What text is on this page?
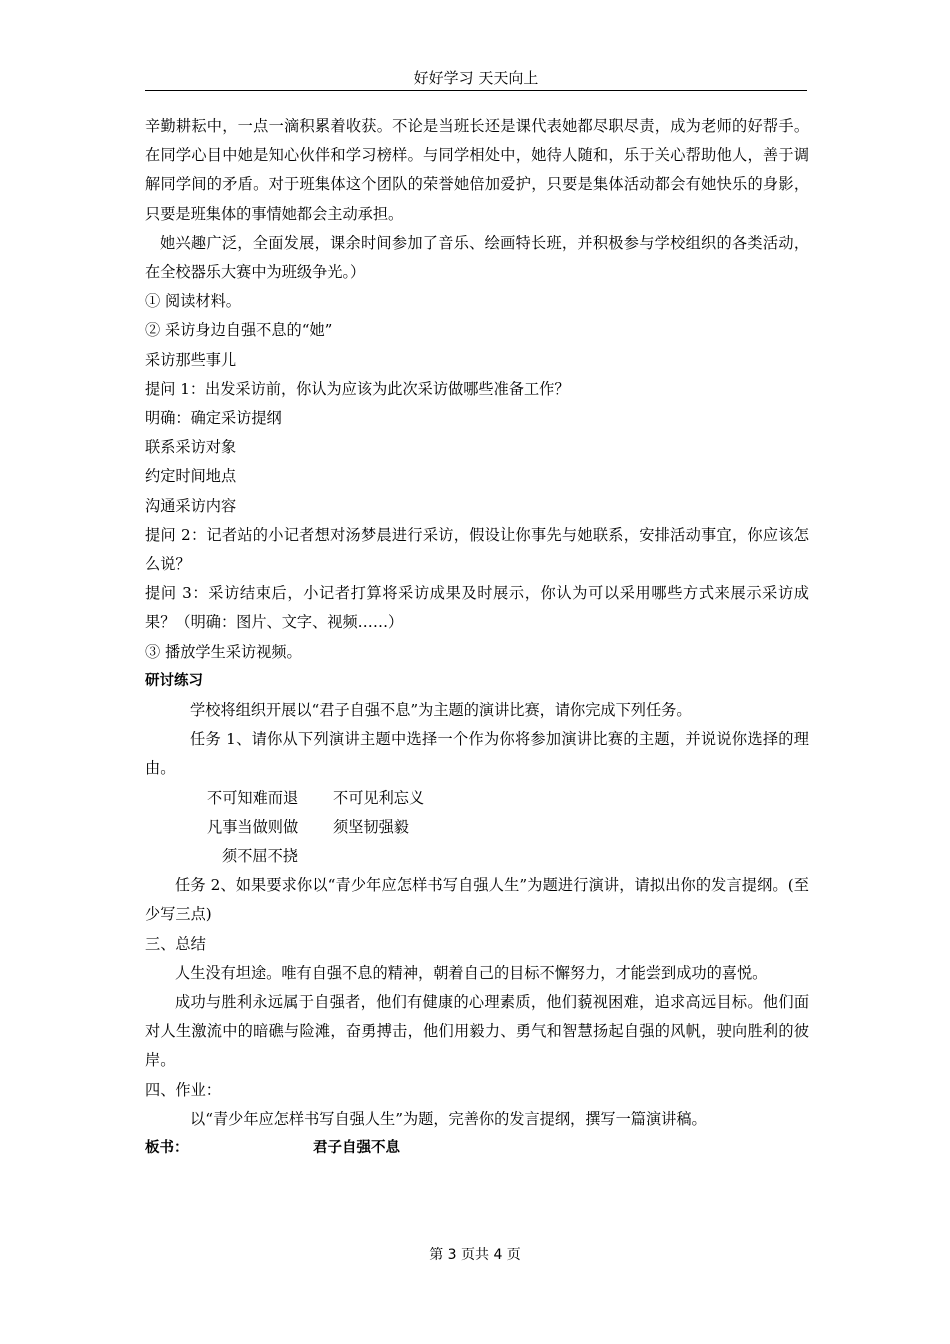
好好学习 天天向上

辛勤耕耘中，一点一滴积累着收获。不论是当班长还是课代表她都尽职尽责，成为老师的好帮手。在同学心目中她是知心伙伴和学习榜样。与同学相处中，她待人随和，乐于关心帮助他人，善于调解同学间的矛盾。对于班集体这个团队的荣誉她倍加爱护，只要是集体活动都会有她快乐的身影，只要是班集体的事情她都会主动承担。

她兴趣广泛，全面发展，课余时间参加了音乐、绘画特长班，并积极参与学校组织的各类活动，在全校器乐大赛中为班级争光。）

① 阅读材料。

② 采访身边自强不息的“她”

采访那些事儿

提问 1：出发采访前，你认为应该为此次采访做哪些准备工作？

明确：确定采访提纲

联系采访对象

约定时间地点

沟通采访内容

提问 2：记者站的小记者想对汤梦晨进行采访，假设让你事先与她联系，安排活动事宜，你应该怎么说？

提问 3：采访结束后，小记者打算将采访成果及时展示，你认为可以采用哪些方式来展示采访成果？（明确：图片、文字、视频……）

③ 播放学生采访视频。

研讨练习

学校将组织开展以“君子自强不息”为主题的演讲比赛，请你完成下列任务。

任务 1、请你从下列演讲主题中选择一个作为你将参加演讲比赛的主题，并说说你选择的理由。

不可知难而退 不可见利忘义
凡事当做则做 须坚韧强毅
须不屈不挠

任务 2、如果要求你以“青少年应怎样书写自强人生”为题进行演讲，请拟出你的发言提纲。(至少写三点)

三、总结

人生没有坦途。唯有自强不息的精神，朝着自己的目标不懈努力，才能尝到成功的喜悦。

成功与胜利永远属于自强者，他们有健康的心理素质，他们藐视困难，追求高远目标。他们面对人生激流中的暗礁与险滩，奋勇搏击，他们用毅力、勇气和智慧扬起自强的风帆，驶向胜利的彼岸。

四、作业：

以“青少年应怎样书写自强人生”为题，完善你的发言提纲，撰写一篇演讲稿。

板书：	君子自强不息
第 3 页共 4 页
